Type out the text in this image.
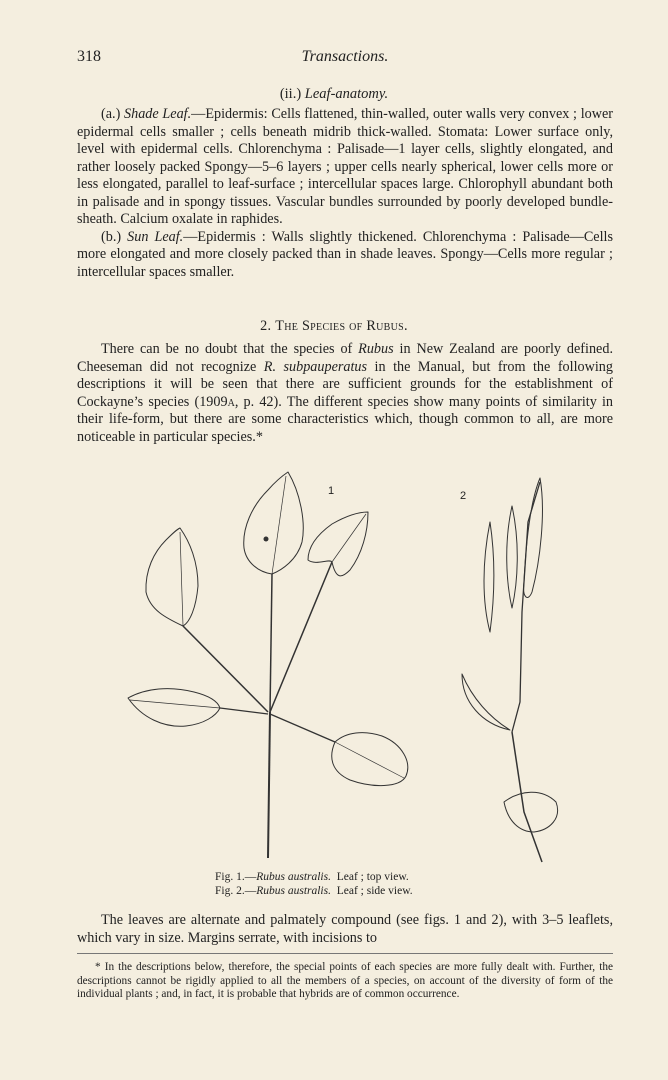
318	Transactions.
(ii.) Leaf-anatomy.

(a.) Shade Leaf.—Epidermis: Cells flattened, thin-walled, outer walls very convex ; lower epidermal cells smaller ; cells beneath midrib thick-walled. Stomata: Lower surface only, level with epidermal cells. Chlorenchyma : Palisade—1 layer cells, slightly elongated, and rather loosely packed Spongy—5–6 layers ; upper cells nearly spherical, lower cells more or less elongated, parallel to leaf-surface ; intercellular spaces large. Chlorophyll abundant both in palisade and in spongy tissues. Vascular bundles surrounded by poorly developed bundle-sheath. Calcium oxalate in raphides.

(b.) Sun Leaf.—Epidermis : Walls slightly thickened. Chlorenchyma : Palisade—Cells more elongated and more closely packed than in shade leaves. Spongy—Cells more regular ; intercellular spaces smaller.

2. The Species of Rubus.

There can be no doubt that the species of Rubus in New Zealand are poorly defined. Cheeseman did not recognize R. subpauperatus in the Manual, but from the following descriptions it will be seen that there are sufficient grounds for the establishment of Cockayne’s species (1909a, p. 42). The different species show many points of similarity in their life-form, but there are some characteristics which, though common to all, are more noticeable in particular species.*

1	2
Fig. 1.—Rubus australis. Leaf ; top view.
Fig. 2.—Rubus australis. Leaf ; side view.

The leaves are alternate and palmately compound (see figs. 1 and 2), with 3–5 leaflets, which vary in size. Margins serrate, with incisions to

* In the descriptions below, therefore, the special points of each species are more fully dealt with. Further, the descriptions cannot be rigidly applied to all the members of a species, on account of the diversity of form of the individual plants ; and, in fact, it is probable that hybrids are of common occurrence.
